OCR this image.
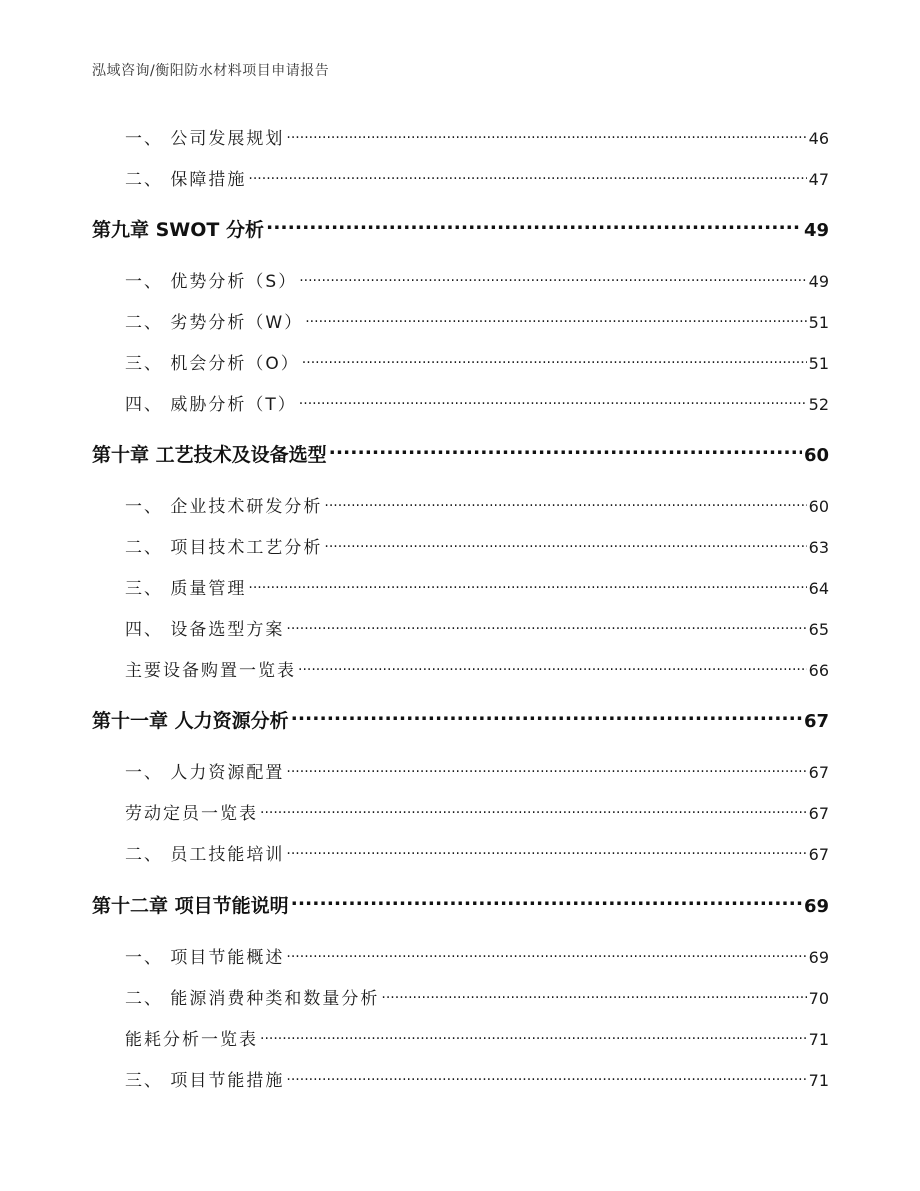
泓域咨询/衡阳防水材料项目申请报告
一、 公司发展规划 .....	46
二、 保障措施 .....	47
第九章 SWOT 分析 .....	49
一、 优势分析（S） .....	49
二、 劣势分析（W） .....	51
三、 机会分析（O） .....	51
四、 威胁分析（T） .....	52
第十章 工艺技术及设备选型 .....	60
一、 企业技术研发分析 .....	60
二、 项目技术工艺分析 .....	63
三、 质量管理 .....	64
四、 设备选型方案 .....	65
主要设备购置一览表 .....	66
第十一章 人力资源分析 .....	67
一、 人力资源配置 .....	67
劳动定员一览表 .....	67
二、 员工技能培训 .....	67
第十二章 项目节能说明 .....	69
一、 项目节能概述 .....	69
二、 能源消费种类和数量分析 .....	70
能耗分析一览表 .....	71
三、 项目节能措施 .....	71
